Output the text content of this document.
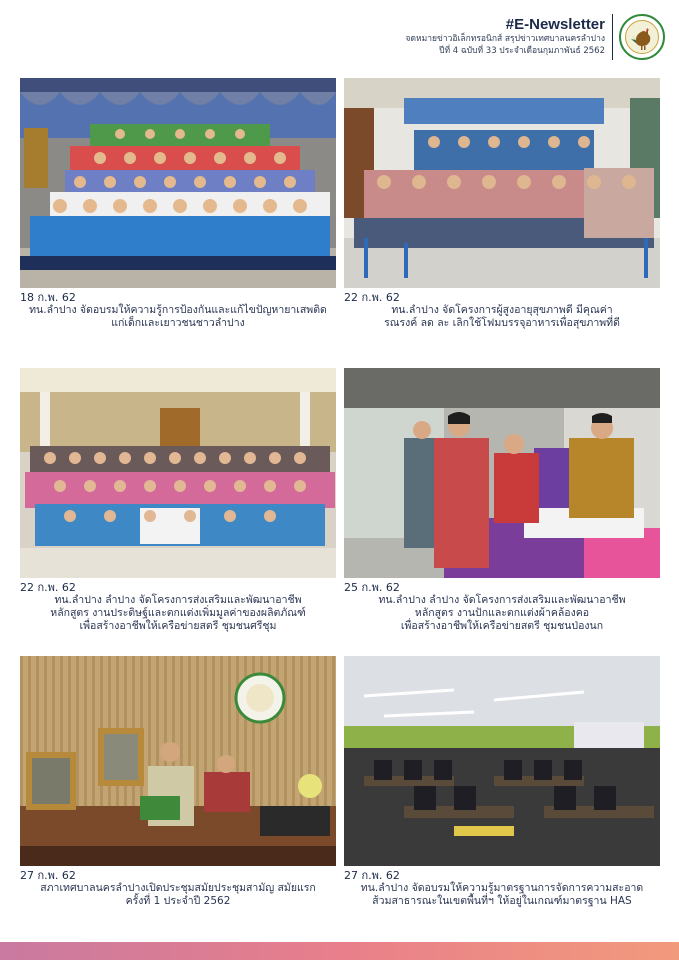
#E-Newsletter
จดหมายข่าวอิเล็กทรอนิกส์ สรุปข่าวเทศบาลนครลำปาง
ปีที่ 4 ฉบับที่ 33 ประจำเดือนกุมภาพันธ์ 2562
18 ก.พ. 62
ทน.ลำปาง จัดอบรมให้ความรู้การป้องกันและแก้ไขปัญหายาเสพติด
แก่เด็กและเยาวชนชาวลำปาง
22 ก.พ. 62
ทน.ลำปาง จัดโครงการผู้สูงอายุสุขภาพดี มีคุณค่า
รณรงค์ ลด ละ เลิกใช้โฟมบรรจุอาหารเพื่อสุขภาพที่ดี
22 ก.พ. 62
ทน.ลำปาง ลำปาง จัดโครงการส่งเสริมและพัฒนาอาชีพ
หลักสูตร งานประดิษฐ์และตกแต่งเพิ่มมูลค่าของผลิตภัณฑ์
เพื่อสร้างอาชีพให้เครือข่ายสตรี ชุมชนศรีชุม
25 ก.พ. 62
ทน.ลำปาง ลำปาง จัดโครงการส่งเสริมและพัฒนาอาชีพ
หลักสูตร งานปักและตกแต่งผ้าคล้องคอ
เพื่อสร้างอาชีพให้เครือข่ายสตรี ชุมชนป่องนก
27 ก.พ. 62
สภาเทศบาลนครลำปางเปิดประชุมสมัยประชุมสามัญ สมัยแรก
ครั้งที่ 1 ประจำปี 2562
27 ก.พ. 62
ทน.ลำปาง จัดอบรมให้ความรู้มาตรฐานการจัดการความสะอาด
ส้วมสาธารณะในเขตพื้นที่ฯ ให้อยู่ในเกณฑ์มาตรฐาน HAS
